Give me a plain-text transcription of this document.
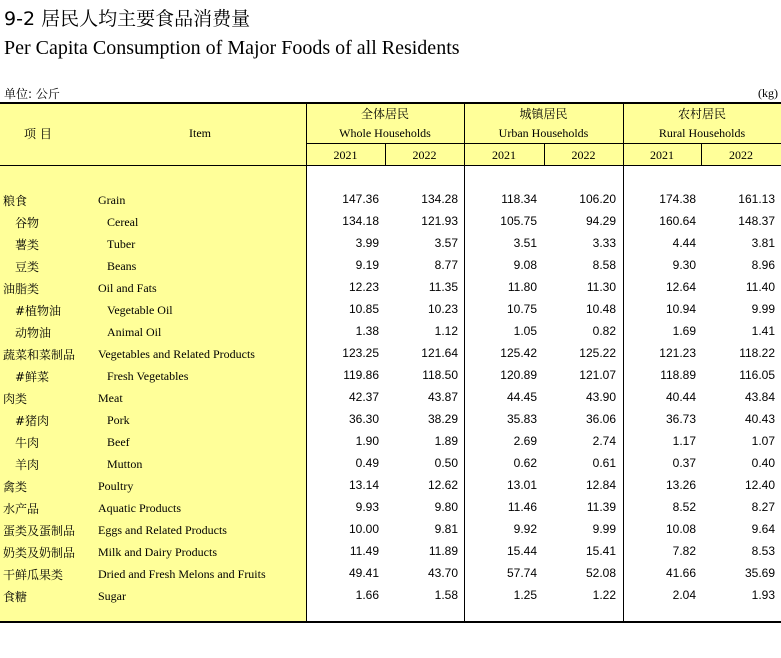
9-2 居民人均主要食品消费量
Per Capita Consumption of Major Foods of all Residents
单位: 公斤	(kg)
项 目	Item
全体居民
Whole Households
城镇居民
Urban Households
农村居民
Rural Households
2021	2022	2021	2022	2021	2022
粮食	Grain	147.36	134.28	118.34	106.20	174.38	161.13
谷物	Cereal	134.18	121.93	105.75	94.29	160.64	148.37
薯类	Tuber	3.99	3.57	3.51	3.33	4.44	3.81
豆类	Beans	9.19	8.77	9.08	8.58	9.30	8.96
油脂类	Oil and Fats	12.23	11.35	11.80	11.30	12.64	11.40
#植物油	Vegetable Oil	10.85	10.23	10.75	10.48	10.94	9.99
动物油	Animal Oil	1.38	1.12	1.05	0.82	1.69	1.41
蔬菜和菜制品 Vegetables and Related Products	123.25	121.64	125.42	125.22	121.23	118.22
#鲜菜	Fresh Vegetables	119.86	118.50	120.89	121.07	118.89	116.05
肉类	Meat	42.37	43.87	44.45	43.90	40.44	43.84
#猪肉	Pork	36.30	38.29	35.83	36.06	36.73	40.43
牛肉	Beef	1.90	1.89	2.69	2.74	1.17	1.07
羊肉	Mutton	0.49	0.50	0.62	0.61	0.37	0.40
禽类	Poultry	13.14	12.62	13.01	12.84	13.26	12.40
水产品	Aquatic Products	9.93	9.80	11.46	11.39	8.52	8.27
蛋类及蛋制品 Eggs and Related Products	10.00	9.81	9.92	9.99	10.08	9.64
奶类及奶制品 Milk and Dairy Products	11.49	11.89	15.44	15.41	7.82	8.53
干鲜瓜果类	Dried and Fresh Melons and Fruits	49.41	43.70	57.74	52.08	41.66	35.69
食糖	Sugar	1.66	1.58	1.25	1.22	2.04	1.93
